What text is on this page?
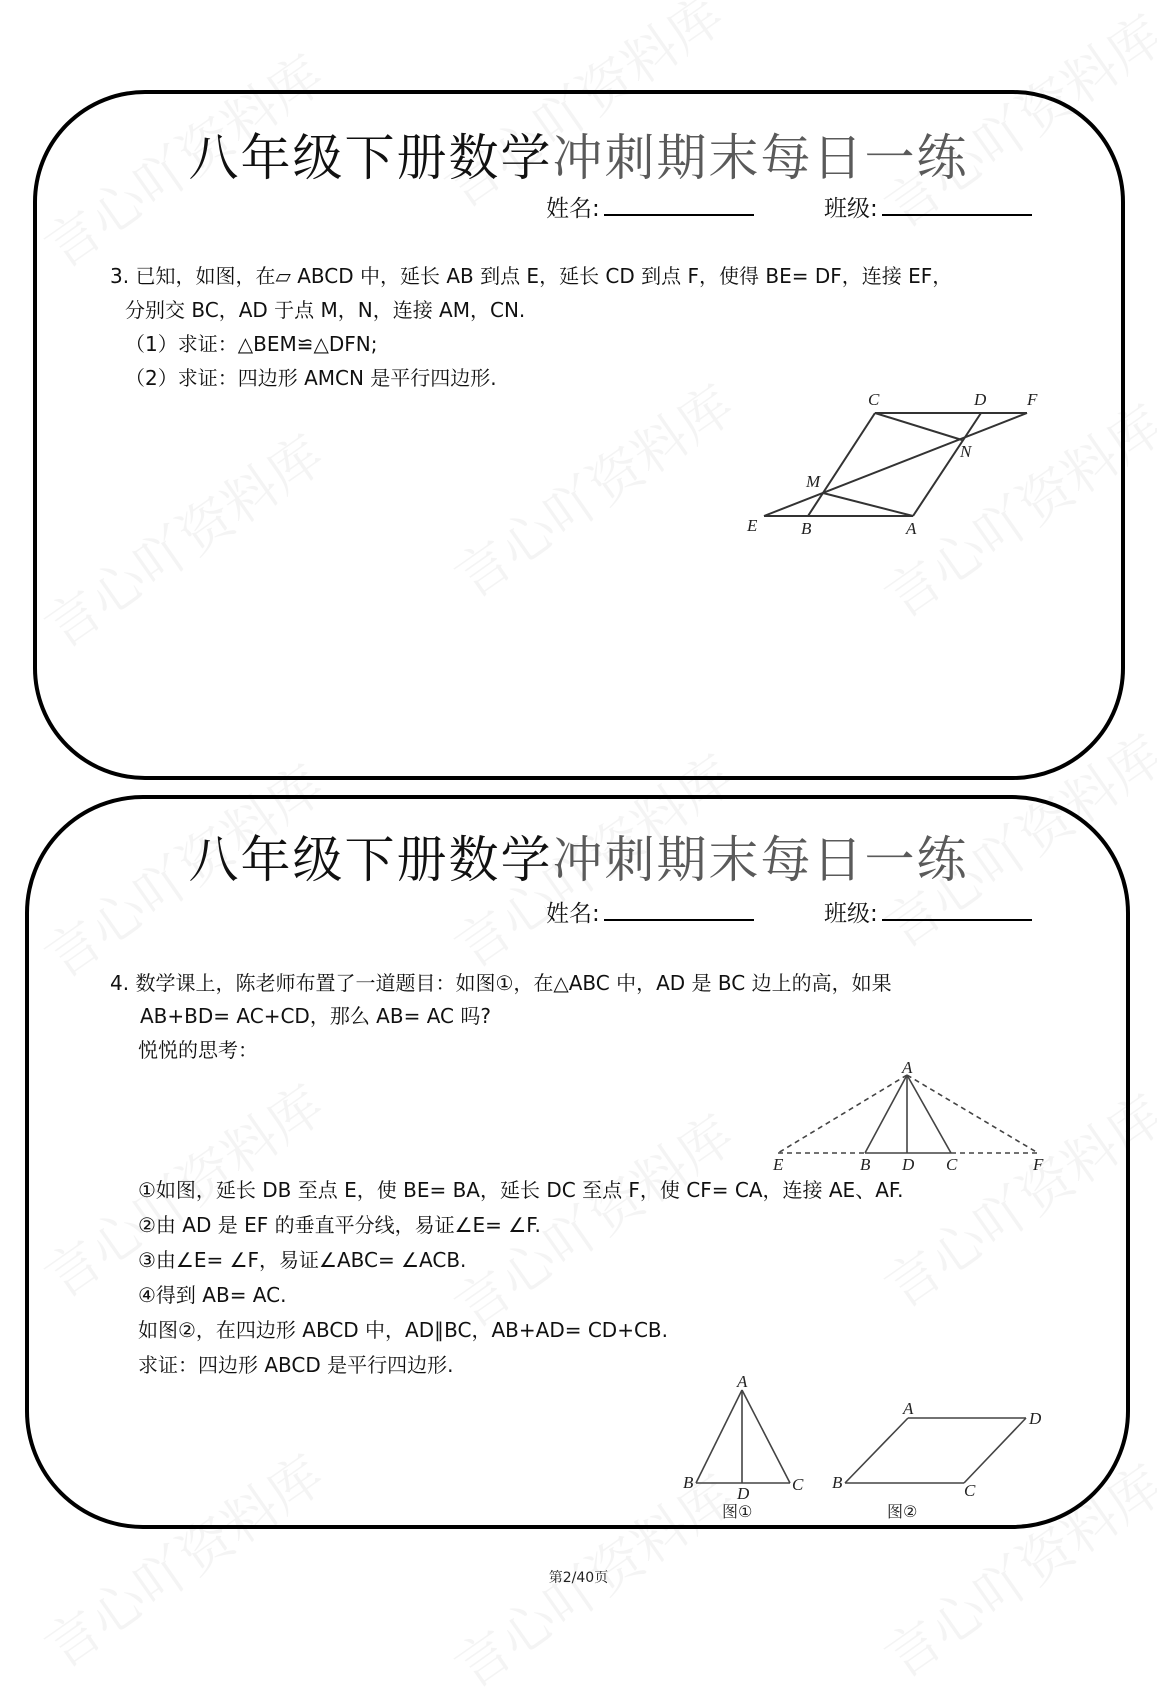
八年级下册数学冲刺期末每日一练
姓名:	班级:
3. 已知，如图，在▱ ABCD 中，延长 AB 到点 E，延长 CD 到点 F，使得 BE= DF，连接 EF，
分别交 BC，AD 于点 M，N，连接 AM，CN.
（1）求证：△BEM≌△DFN;
（2）求证：四边形 AMCN 是平行四边形.
C	D F
N
M
E	B	A
八年级下册数学冲刺期末每日一练
姓名:	班级:
4. 数学课上，陈老师布置了一道题目：如图①，在△ABC 中，AD 是 BC 边上的高，如果
AB+BD= AC+CD，那么 AB= AC 吗?
悦悦的思考：
①如图，延长 DB 至点 E，使 BE= BA，延长 DC 至点 F，使 CF= CA，连接 AE、AF.
②由 AD 是 EF 的垂直平分线，易证∠E= ∠F.
③由∠E= ∠F，易证∠ABC= ∠ACB.
④得到 AB= AC.
如图②，在四边形 ABCD 中，AD∥BC，AB+AD= CD+CB.
求证：四边形 ABCD 是平行四边形.
A
E	B D C	F
A
B
D	C
图①
A
D
B	C
图②
第2/40页
